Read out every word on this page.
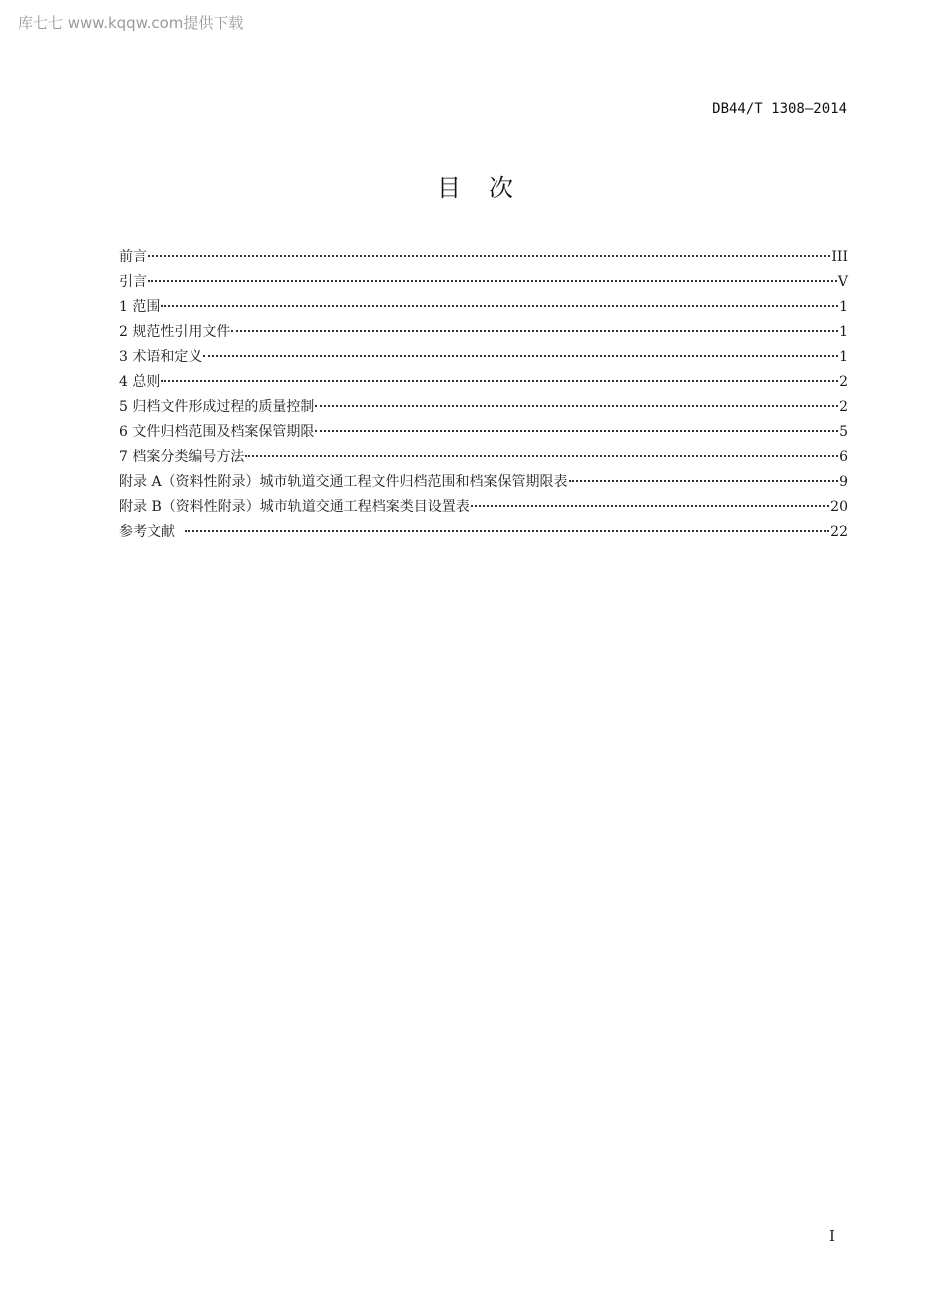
库七七 www.kqqw.com提供下载
DB44/T 1308—2014
目次
前言	III
引言	V
1 范围	1
2 规范性引用文件	1
3 术语和定义	1
4 总则	2
5 归档文件形成过程的质量控制	2
6 文件归档范围及档案保管期限	5
7 档案分类编号方法	6
附录 A（资料性附录）城市轨道交通工程文件归档范围和档案保管期限表	9
附录 B（资料性附录）城市轨道交通工程档案类目设置表	20
参考文献	22
I
